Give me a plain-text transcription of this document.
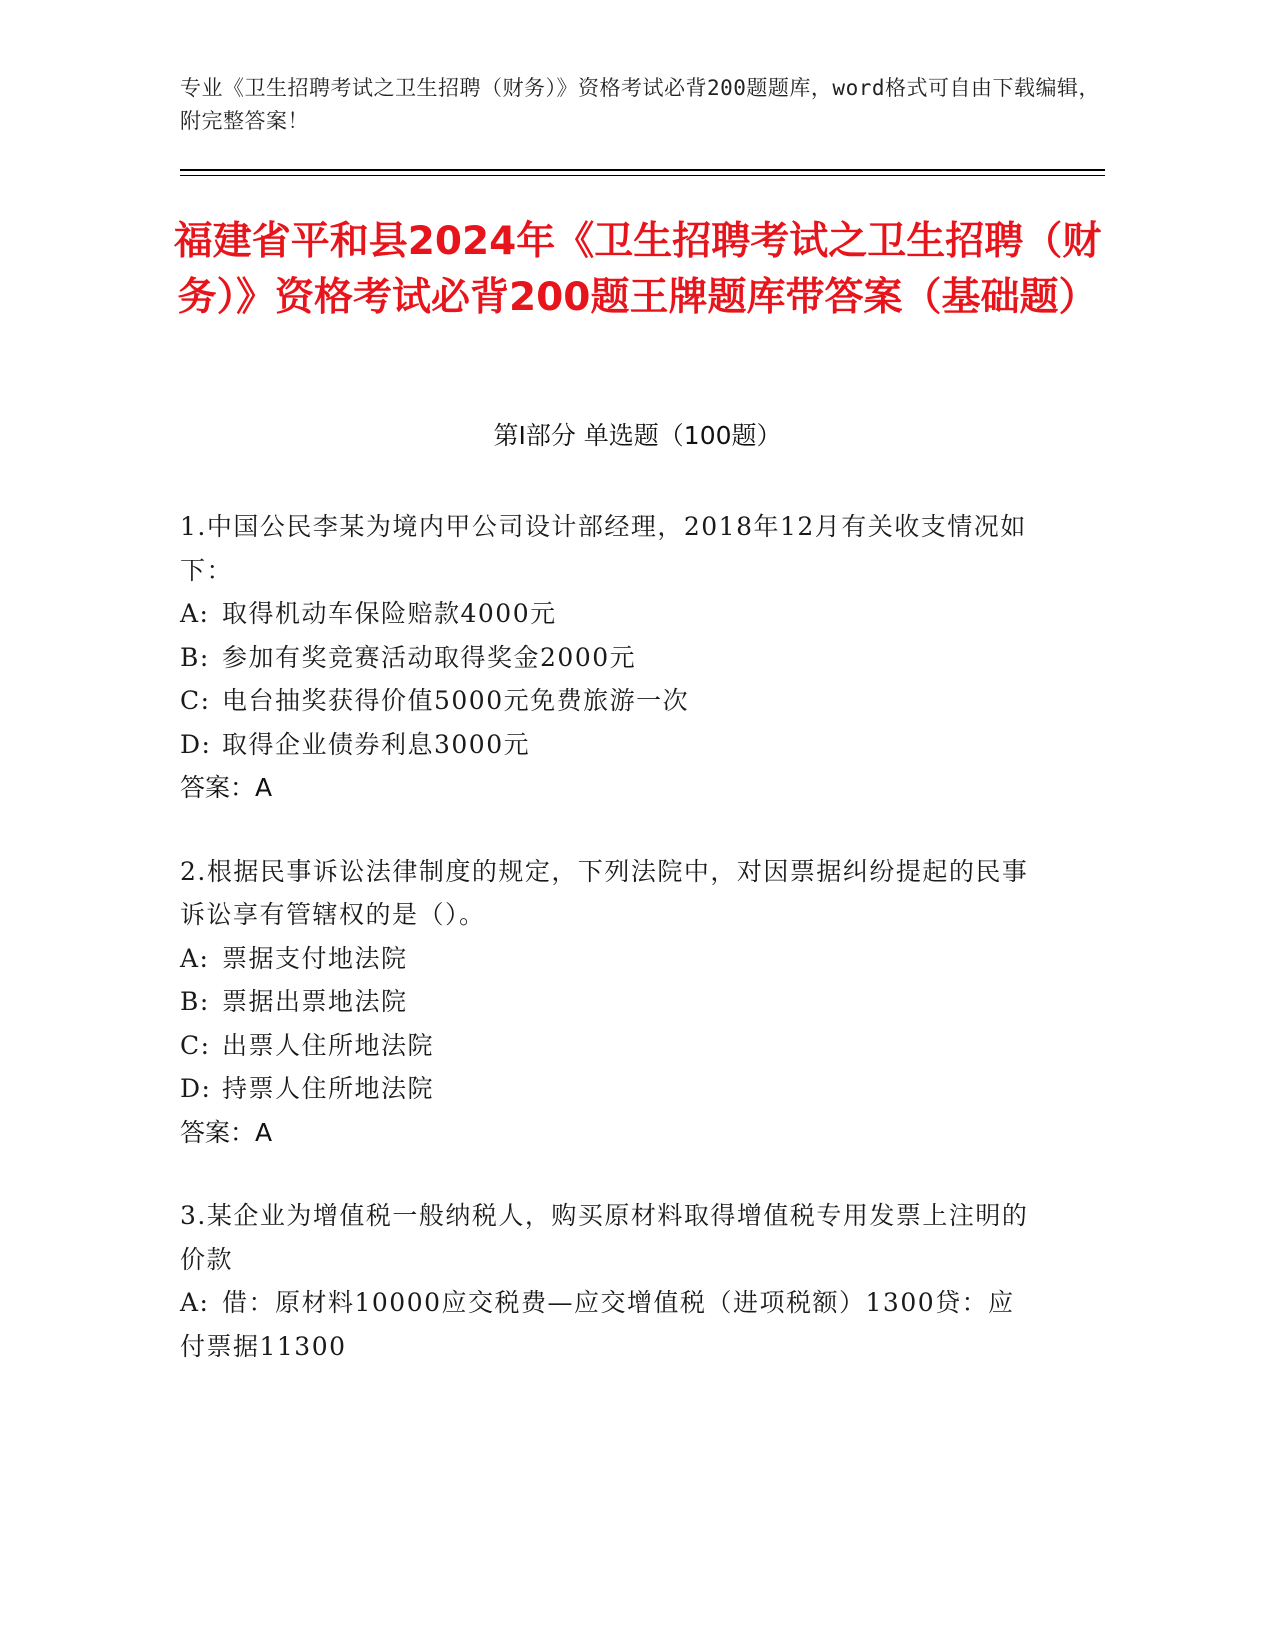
专业《卫生招聘考试之卫生招聘（财务）》资格考试必背200题题库，word格式可自由下载编辑，附完整答案！
福建省平和县2024年《卫生招聘考试之卫生招聘（财务）》资格考试必背200题王牌题库带答案（基础题）
第Ⅰ部分 单选题（100题）
1.中国公民李某为境内甲公司设计部经理，2018年12月有关收支情况如下：
A: 取得机动车保险赔款4000元
B: 参加有奖竞赛活动取得奖金2000元
C: 电台抽奖获得价值5000元免费旅游一次
D: 取得企业债券利息3000元
答案：A
2.根据民事诉讼法律制度的规定，下列法院中，对因票据纠纷提起的民事诉讼享有管辖权的是（）。
A: 票据支付地法院
B: 票据出票地法院
C: 出票人住所地法院
D: 持票人住所地法院
答案：A
3.某企业为增值税一般纳税人，购买原材料取得增值税专用发票上注明的价款
A: 借：原材料10000应交税费—应交增值税（进项税额）1300贷：应付票据11300
